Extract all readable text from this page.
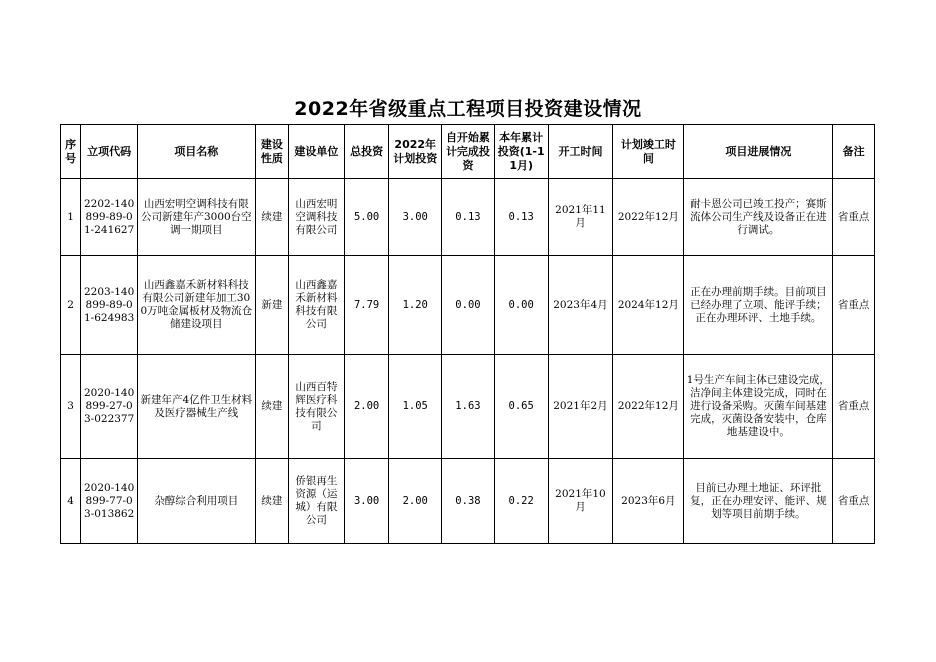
2022年省级重点工程项目投资建设情况
序号	立项代码	项目名称	建设性质	建设单位	总投资	2022年计划投资	自开始累计完成投资	本年累计投资(1-11月)	开工时间	计划竣工时间	项目进展情况	备注
1	2202-140899-89-01-241627	山西宏明空调科技有限公司新建年产3000台空调一期项目	续建	山西宏明空调科技有限公司	5.00	3.00	0.13	0.13	2021年11月	2022年12月	耐卡恩公司已竣工投产；赛斯流体公司生产线及设备正在进行调试。	省重点
2	2203-140899-89-01-624983	山西鑫嘉禾新材料科技有限公司新建年加工300万吨金属板材及物流仓储建设项目	新建	山西鑫嘉禾新材料科技有限公司	7.79	1.20	0.00	0.00	2023年4月	2024年12月	正在办理前期手续。目前项目已经办理了立项、能评手续；正在办理环评、土地手续。	省重点
3	2020-140899-27-03-022377	新建年产4亿件卫生材料及医疗器械生产线	续建	山西百特辉医疗科技有限公司	2.00	1.05	1.63	0.65	2021年2月	2022年12月	1号生产车间主体已建设完成，洁净间主体建设完成，同时在进行设备采购。灭菌车间基建完成，灭菌设备安装中，仓库地基建设中。	省重点
4	2020-140899-77-03-013862	杂醇综合利用项目	续建	侨银再生资源（运城）有限公司	3.00	2.00	0.38	0.22	2021年10月	2023年6月	目前已办理土地证、环评批复，正在办理安评、能评、规划等项目前期手续。	省重点
